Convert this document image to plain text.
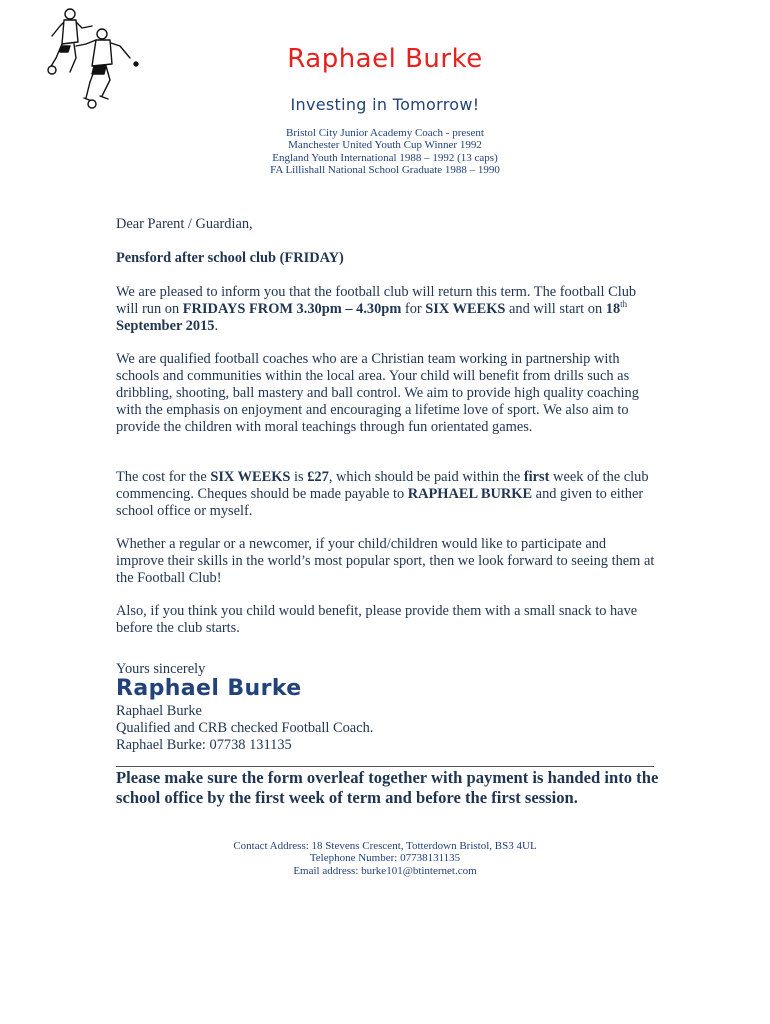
Raphael Burke
Investing in Tomorrow!
Bristol City Junior Academy Coach - present
Manchester United Youth Cup Winner 1992
England Youth International 1988 – 1992 (13 caps)
FA Lillishall National School Graduate 1988 – 1990
Dear Parent / Guardian,
Pensford after school club (FRIDAY)
We are pleased to inform you that the football club will return this term. The football Club will run on FRIDAYS FROM 3.30pm – 4.30pm for SIX WEEKS and will start on 18th September 2015.
We are qualified football coaches who are a Christian team working in partnership with schools and communities within the local area. Your child will benefit from drills such as dribbling, shooting, ball mastery and ball control. We aim to provide high quality coaching with the emphasis on enjoyment and encouraging a lifetime love of sport. We also aim to provide the children with moral teachings through fun orientated games.
The cost for the SIX WEEKS is £27, which should be paid within the first week of the club commencing. Cheques should be made payable to RAPHAEL BURKE and given to either school office or myself.
Whether a regular or a newcomer, if your child/children would like to participate and improve their skills in the world’s most popular sport, then we look forward to seeing them at the Football Club!
Also, if you think you child would benefit, please provide them with a small snack to have before the club starts.
Yours sincerely
Raphael Burke
Raphael Burke
Qualified and CRB checked Football Coach.
Raphael Burke: 07738 131135
Please make sure the form overleaf together with payment is handed into the school office by the first week of term and before the first session.
Contact Address: 18 Stevens Crescent, Totterdown Bristol, BS3 4UL
Telephone Number: 07738131135
Email address: burke101@btinternet.com
